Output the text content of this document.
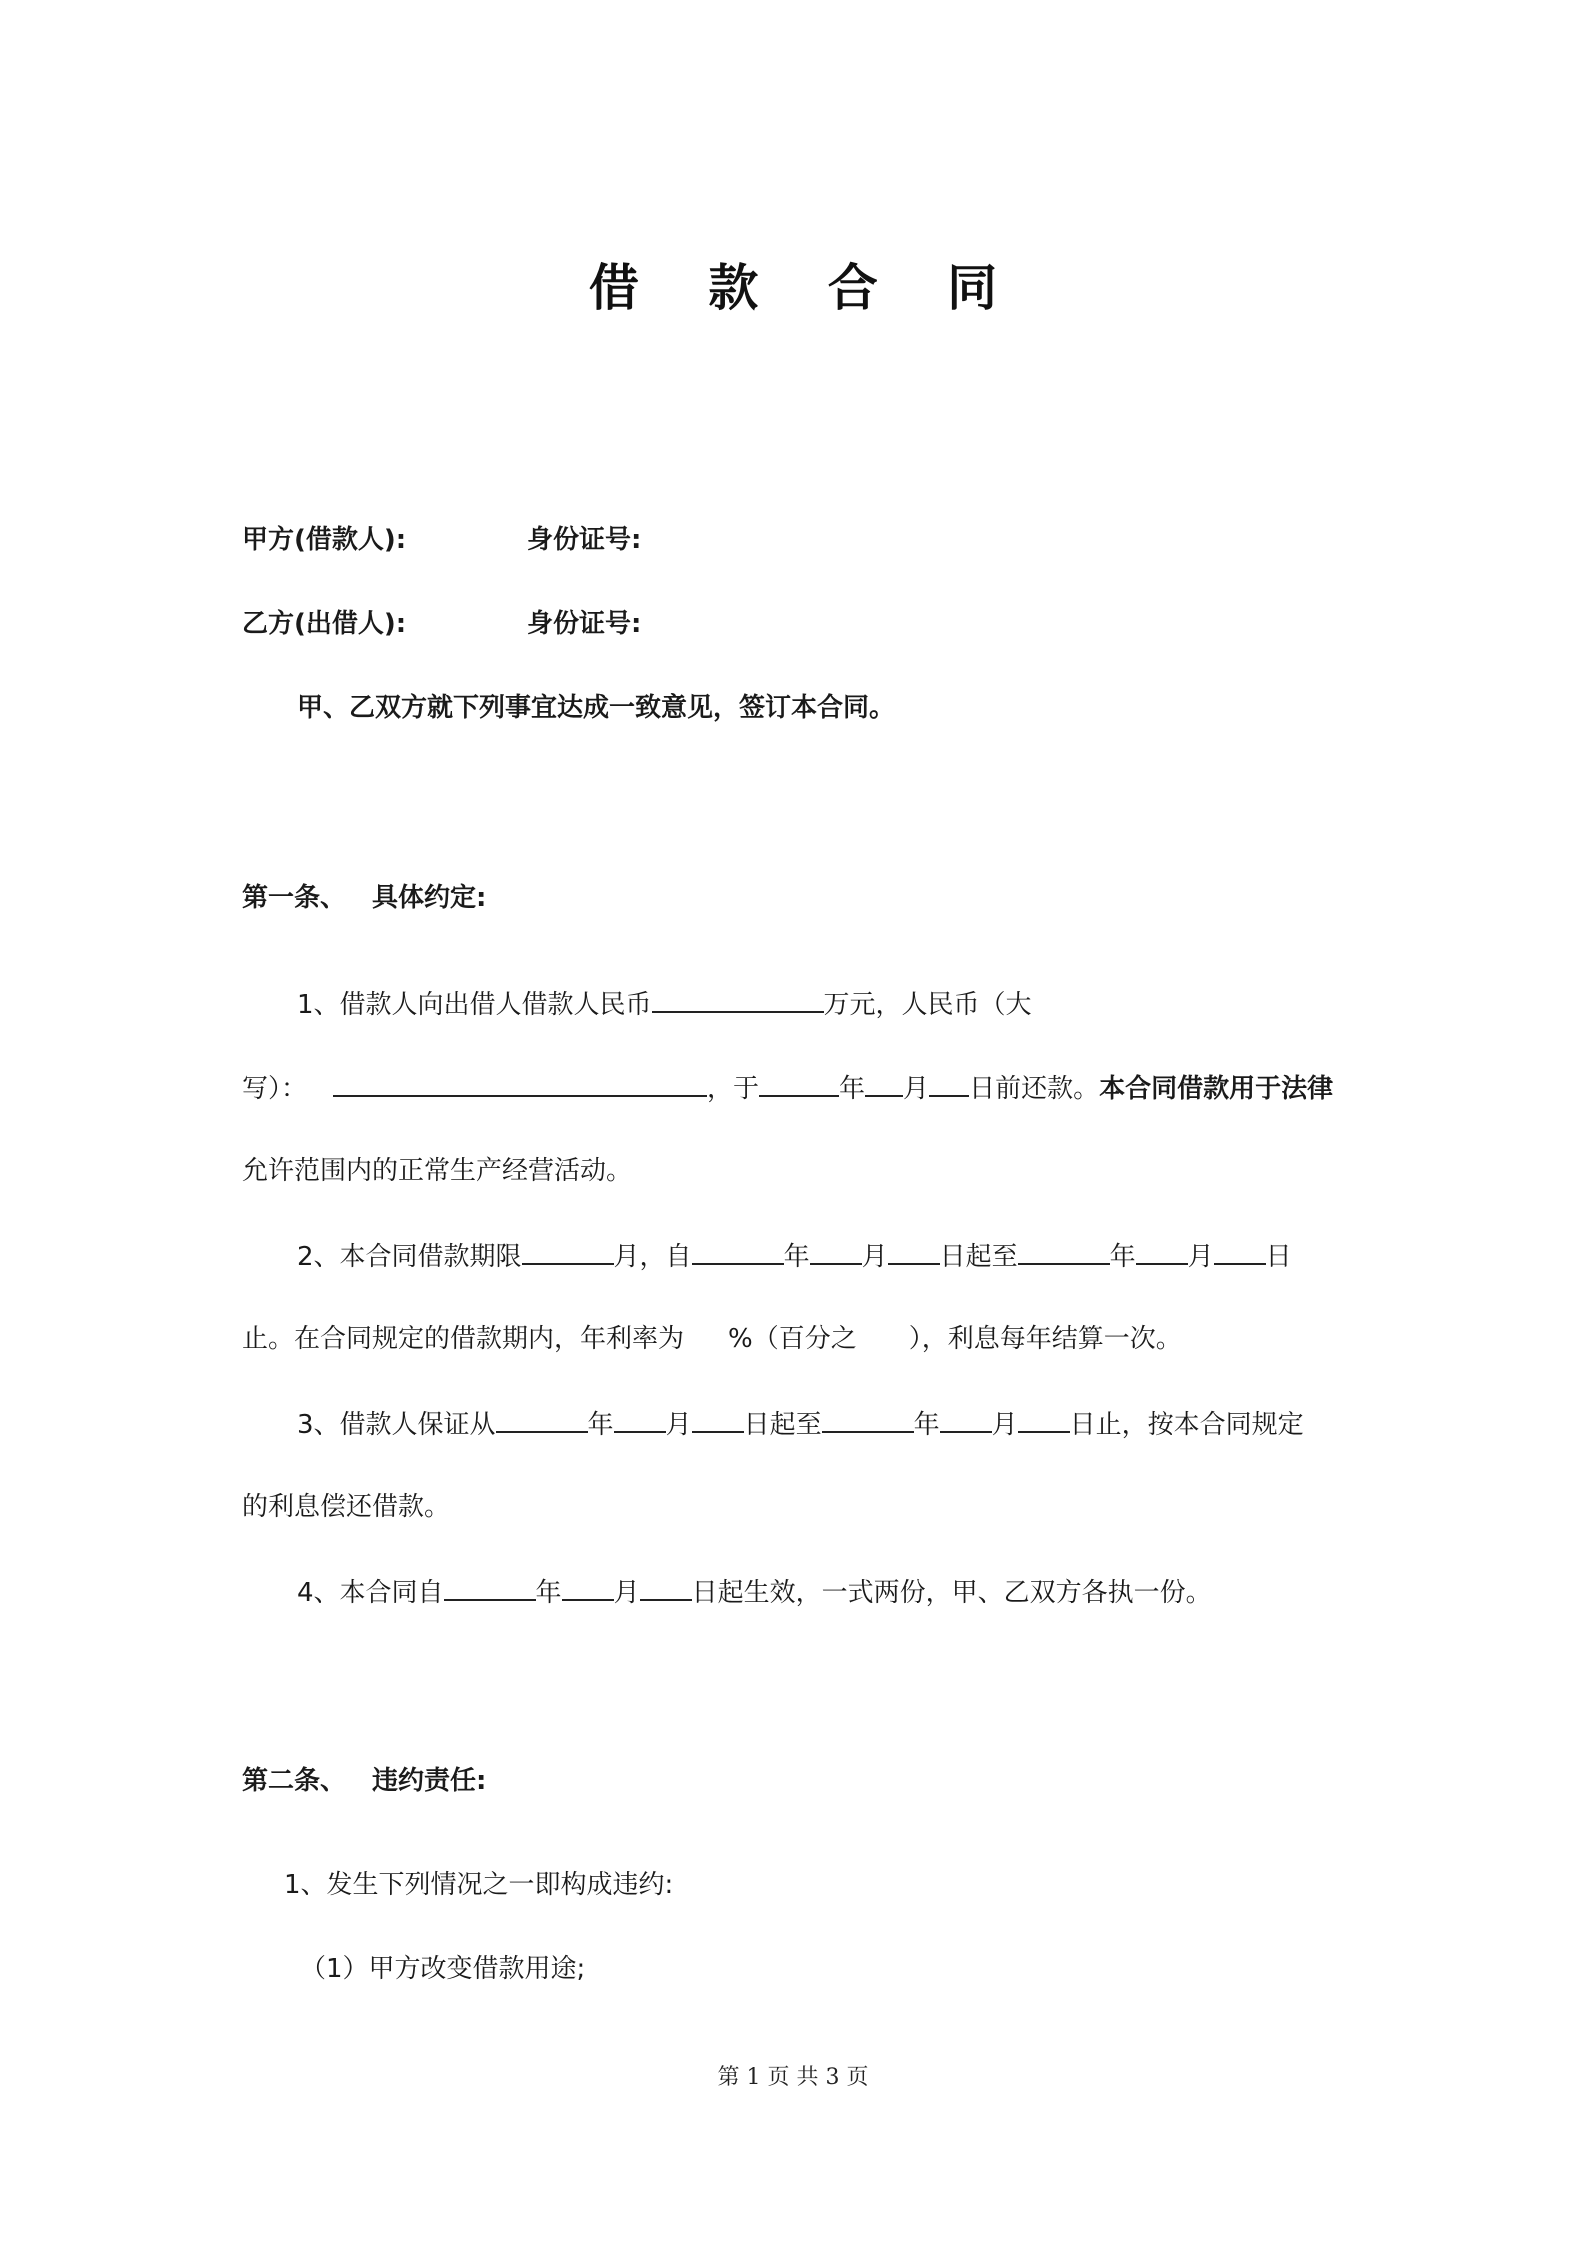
借 款 合 同
甲方(借款人):	身份证号:
乙方(出借人):	身份证号:
甲、乙双方就下列事宜达成一致意见，签订本合同。
第一条、 具体约定:
1、借款人向出借人借款人民币	万元，人民币（大
写）：	，于	年 月 日前还款。本合同借款用于法律
允许范围内的正常生产经营活动。
2、本合同借款期限	月，自	年 月 日起至	年 月 日
止。在合同规定的借款期内，年利率为 %（百分之 ），利息每年结算一次。
3、借款人保证从	年 月 日起至	年 月 日止，按本合同规定
的利息偿还借款。
4、本合同自	年 月 日起生效，一式两份，甲、乙双方各执一份。
第二条、 违约责任:
1、发生下列情况之一即构成违约:
（1）甲方改变借款用途;
第 1 页 共 3 页
